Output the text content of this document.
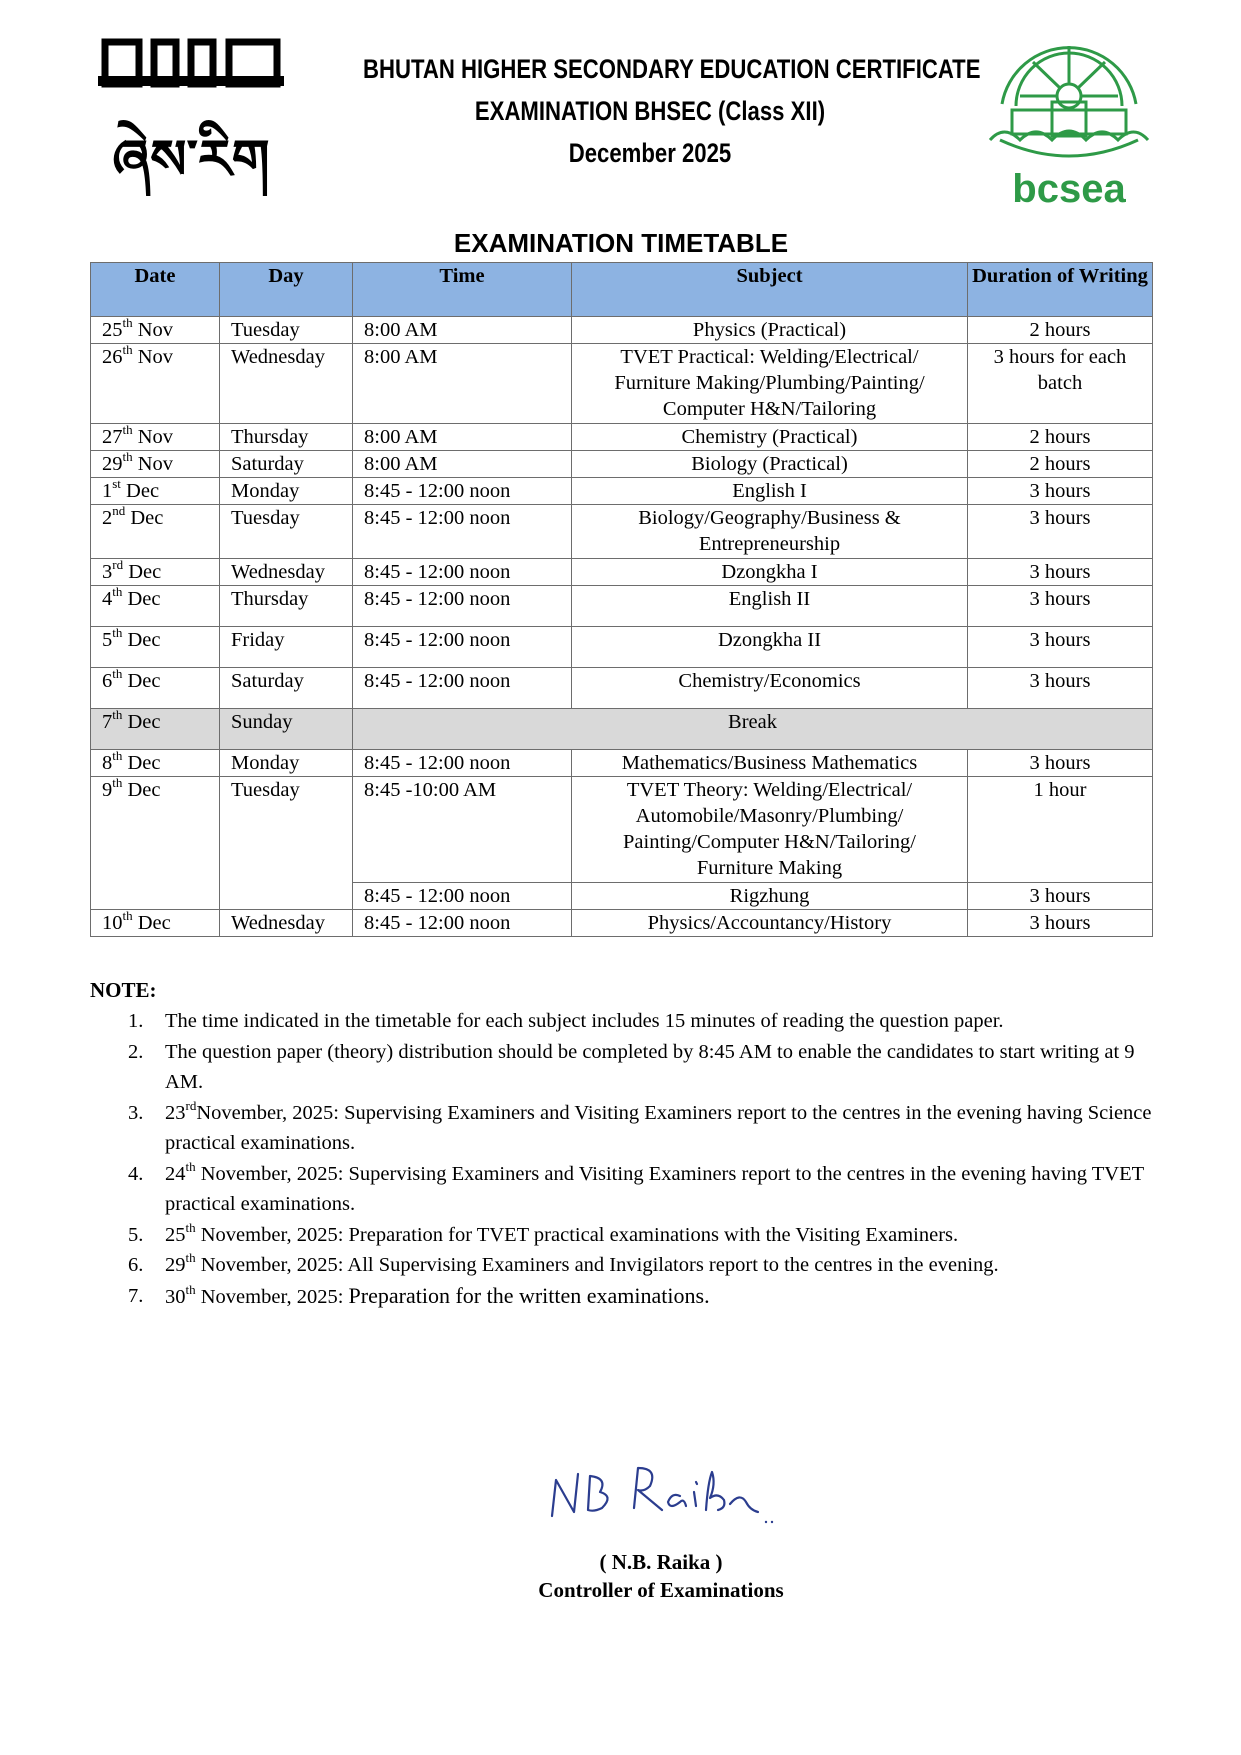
ཞེས་རིག
BHUTAN HIGHER SECONDARY EDUCATION CERTIFICATE
EXAMINATION BHSEC (Class XII)
December 2025
bcsea
EXAMINATION TIMETABLE
Date	Day	Time	Subject	Duration of Writing
25th Nov	Tuesday	8:00 AM	Physics (Practical)	2 hours
26th Nov	Wednesday	8:00 AM	TVET Practical: Welding/Electrical/
Furniture Making/Plumbing/Painting/
Computer H&N/Tailoring	3 hours for each
batch
27th Nov	Thursday	8:00 AM	Chemistry (Practical)	2 hours
29th Nov	Saturday	8:00 AM	Biology (Practical)	2 hours
1st Dec	Monday	8:45 - 12:00 noon	English I	3 hours
2nd Dec	Tuesday	8:45 - 12:00 noon	Biology/Geography/Business &
Entrepreneurship	3 hours
3rd Dec	Wednesday	8:45 - 12:00 noon	Dzongkha I	3 hours
4th Dec	Thursday	8:45 - 12:00 noon	English II	3 hours
5th Dec	Friday	8:45 - 12:00 noon	Dzongkha II	3 hours
6th Dec	Saturday	8:45 - 12:00 noon	Chemistry/Economics	3 hours
7th Dec	Sunday	Break		
8th Dec	Monday	8:45 - 12:00 noon	Mathematics/Business Mathematics	3 hours
9th Dec	Tuesday	8:45 -10:00 AM	TVET Theory: Welding/Electrical/
Automobile/Masonry/Plumbing/
Painting/Computer H&N/Tailoring/
Furniture Making	1 hour
		8:45 - 12:00 noon	Rigzhung	3 hours
10th Dec	Wednesday	8:45 - 12:00 noon	Physics/Accountancy/History	3 hours
NOTE:
1. The time indicated in the timetable for each subject includes 15 minutes of reading the question paper.
2. The question paper (theory) distribution should be completed by 8:45 AM to enable the candidates to start writing at 9 AM.
3. 23rdNovember, 2025: Supervising Examiners and Visiting Examiners report to the centres in the evening having Science practical examinations.
4. 24th November, 2025: Supervising Examiners and Visiting Examiners report to the centres in the evening having TVET practical examinations.
5. 25th November, 2025: Preparation for TVET practical examinations with the Visiting Examiners.
6. 29th November, 2025: All Supervising Examiners and Invigilators report to the centres in the evening.
7. 30th November, 2025: Preparation for the written examinations.
( N.B. Raika )
Controller of Examinations
